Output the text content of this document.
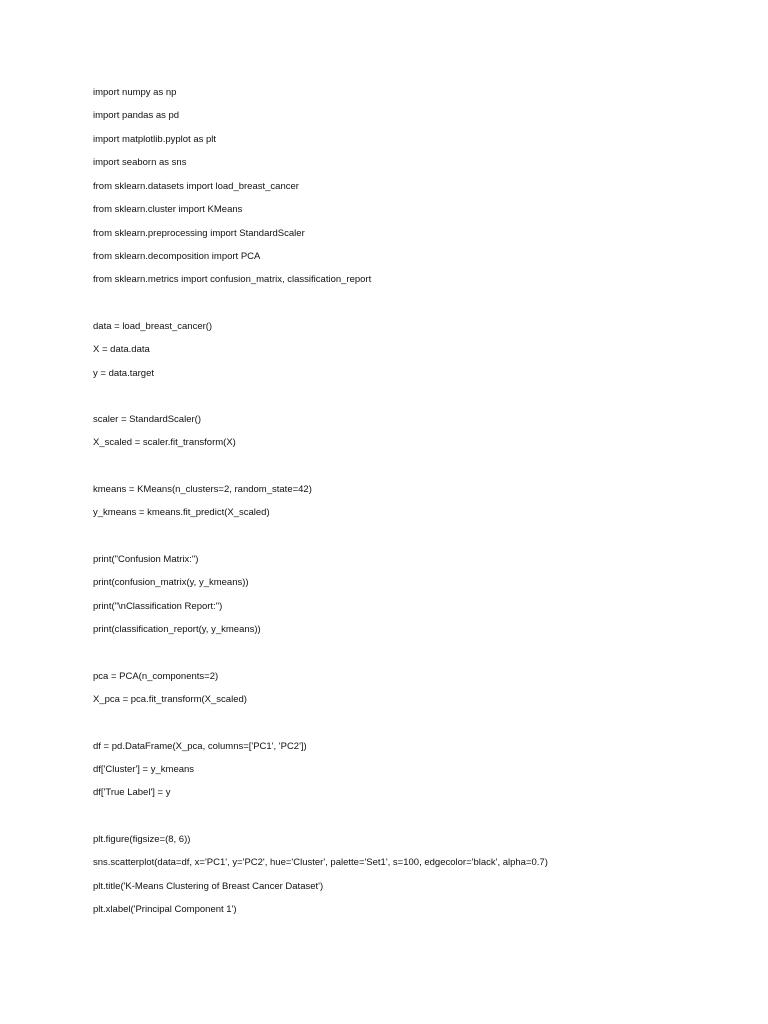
import numpy as np
import pandas as pd
import matplotlib.pyplot as plt
import seaborn as sns
from sklearn.datasets import load_breast_cancer
from sklearn.cluster import KMeans
from sklearn.preprocessing import StandardScaler
from sklearn.decomposition import PCA
from sklearn.metrics import confusion_matrix, classification_report
data = load_breast_cancer()
X = data.data
y = data.target
scaler = StandardScaler()
X_scaled = scaler.fit_transform(X)
kmeans = KMeans(n_clusters=2, random_state=42)
y_kmeans = kmeans.fit_predict(X_scaled)
print("Confusion Matrix:")
print(confusion_matrix(y, y_kmeans))
print("\nClassification Report:")
print(classification_report(y, y_kmeans))
pca = PCA(n_components=2)
X_pca = pca.fit_transform(X_scaled)
df = pd.DataFrame(X_pca, columns=['PC1', 'PC2'])
df['Cluster'] = y_kmeans
df['True Label'] = y
plt.figure(figsize=(8, 6))
sns.scatterplot(data=df, x='PC1', y='PC2', hue='Cluster', palette='Set1', s=100, edgecolor='black', alpha=0.7)
plt.title('K-Means Clustering of Breast Cancer Dataset')
plt.xlabel('Principal Component 1')
